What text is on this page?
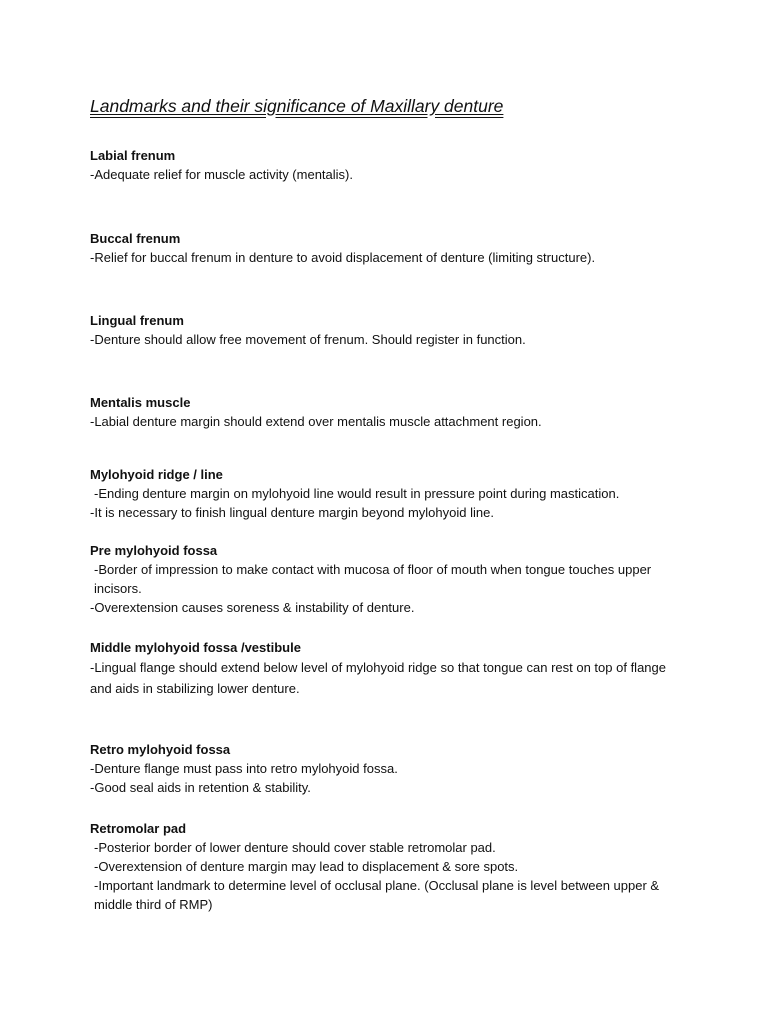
Landmarks and their significance of Maxillary denture

Labial frenum

-Adequate relief for muscle activity (mentalis).

Buccal frenum

-Relief for buccal frenum in denture to avoid displacement of denture (limiting structure).

Lingual frenum

-Denture should allow free movement of frenum. Should register in function.

Mentalis muscle

-Labial denture margin should extend over mentalis muscle attachment region.

Mylohyoid ridge / line

-Ending denture margin on mylohyoid line would result in pressure point during mastication.

-It is necessary to finish lingual denture margin beyond mylohyoid line.

Pre mylohyoid fossa

-Border of impression to make contact with mucosa of floor of mouth when tongue touches upper incisors.

-Overextension causes soreness & instability of denture.

Middle mylohyoid fossa /vestibule

-Lingual flange should extend below level of mylohyoid ridge so that tongue can rest on top of flange and aids in stabilizing lower denture.

Retro mylohyoid fossa

-Denture flange must pass into retro mylohyoid fossa.

-Good seal aids in retention & stability.

Retromolar pad

-Posterior border of lower denture should cover stable retromolar pad.

-Overextension of denture margin may lead to displacement & sore spots.

-Important landmark to determine level of occlusal plane. (Occlusal plane is level between upper & middle third of RMP)
